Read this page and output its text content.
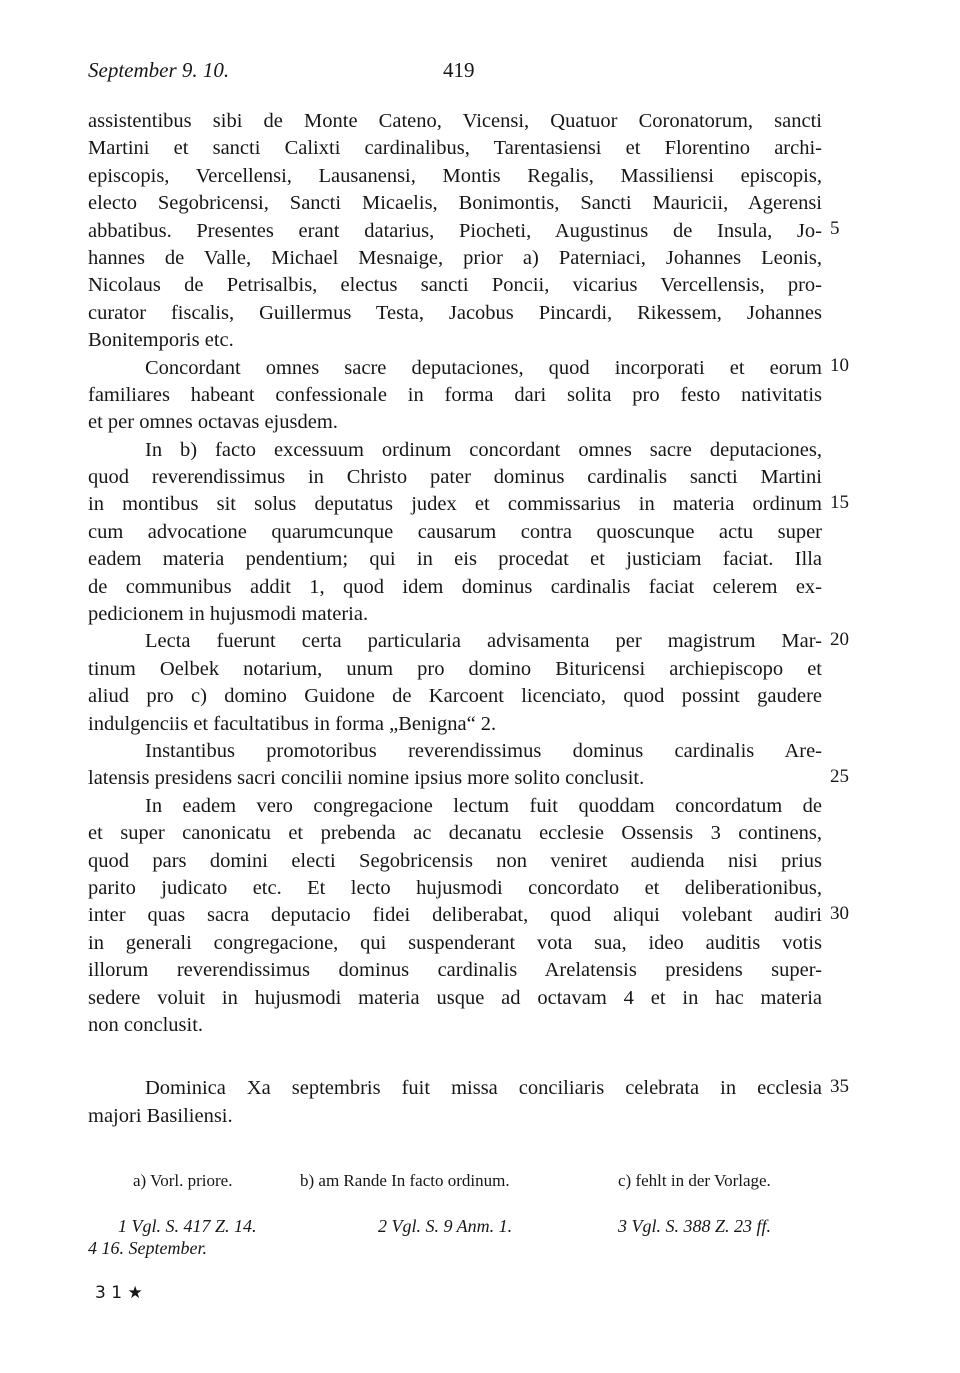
September 9. 10.	419
assistentibus sibi de Monte Cateno, Vicensi, Quatuor Coronatorum, sancti
Martini et sancti Calixti cardinalibus, Tarentasiensi et Florentino archi-
episcopis, Vercellensi, Lausanensi, Montis Regalis, Massiliensi episcopis,
electo Segobricensi, Sancti Micaelis, Bonimontis, Sancti Mauricii, Agerensi
abbatibus. Presentes erant datarius, Piocheti, Augustinus de Insula, Jo-
hannes de Valle, Michael Mesnaige, prior a) Paterniaci, Johannes Leonis,
Nicolaus de Petrisalbis, electus sancti Poncii, vicarius Vercellensis, pro-
curator fiscalis, Guillermus Testa, Jacobus Pincardi, Rikessem, Johannes
Bonitemporis etc.
Concordant omnes sacre deputaciones, quod incorporati et eorum
familiares habeant confessionale in forma dari solita pro festo nativitatis
et per omnes octavas ejusdem.
In b) facto excessuum ordinum concordant omnes sacre deputaciones,
quod reverendissimus in Christo pater dominus cardinalis sancti Martini
in montibus sit solus deputatus judex et commissarius in materia ordinum
cum advocatione quarumcunque causarum contra quoscunque actu super
eadem materia pendentium; qui in eis procedat et justiciam faciat. Illa
de communibus addit 1, quod idem dominus cardinalis faciat celerem ex-
pedicionem in hujusmodi materia.
Lecta fuerunt certa particularia advisamenta per magistrum Mar-
tinum Oelbek notarium, unum pro domino Bituricensi archiepiscopo et
aliud pro c) domino Guidone de Karcoent licenciato, quod possint gaudere
indulgenciis et facultatibus in forma „Benigna“ 2.
Instantibus promotoribus reverendissimus dominus cardinalis Are-
latensis presidens sacri concilii nomine ipsius more solito conclusit.
In eadem vero congregacione lectum fuit quoddam concordatum de
et super canonicatu et prebenda ac decanatu ecclesie Ossensis 3 continens,
quod pars domini electi Segobricensis non veniret audienda nisi prius
parito judicato etc. Et lecto hujusmodi concordato et deliberationibus,
inter quas sacra deputacio fidei deliberabat, quod aliqui volebant audiri
in generali congregacione, qui suspenderant vota sua, ideo auditis votis
illorum reverendissimus dominus cardinalis Arelatensis presidens super-
sedere voluit in hujusmodi materia usque ad octavam 4 et in hac materia
non conclusit.
Dominica Xa septembris fuit missa conciliaris celebrata in ecclesia
majori Basiliensi.
5
10
15
20
25
30
35
a) Vorl. priore.	b) am Rande In facto ordinum.	c) fehlt in der Vorlage.
1 Vgl. S. 417 Z. 14.	2 Vgl. S. 9 Anm. 1.	3 Vgl. S. 388 Z. 23 ff.
4 16. September.
3 1 ★
